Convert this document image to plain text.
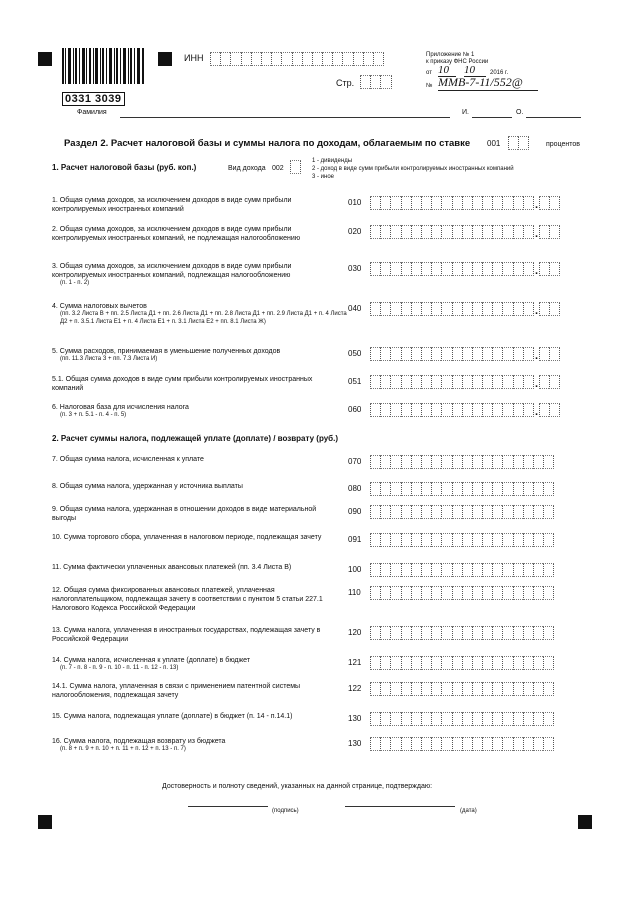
0331 3039
ИНН
Стр.
Приложение № 1
к приказу ФНС России
от 10	10	2016 г.
№ ММВ-7-11/552@
Фамилия	И.	О.
Раздел 2. Расчет налоговой базы и суммы налога по доходам, облагаемым по ставке 001	процентов
1. Расчет налоговой базы (руб. коп.)	Вид дохода 002
1 - дивиденды
2 - доход в виде сумм прибыли контролируемых иностранных компаний
3 - иное
1. Общая сумма доходов, за исключением доходов в виде сумм прибыли контролируемых иностранных компаний
010	.
2. Общая сумма доходов, за исключением доходов в виде сумм прибыли контролируемых иностранных компаний, не подлежащая налогообложению
020	.
3. Общая сумма доходов, за исключением доходов в виде сумм прибыли контролируемых иностранных компаний, подлежащая налогообложению
(п. 1 - п. 2)
030	.
4. Сумма налоговых вычетов
(пп. 3.2 Листа В + пп. 2.5 Листа Д1 + пп. 2.6 Листа Д1 + пп. 2.8 Листа Д1 + пп. 2.9 Листа Д1 + п. 4 Листа Д2 + п. 3.5.1 Листа Е1 + п. 4 Листа Е1 + п. 3.1 Листа Е2 + пп. 8.1 Листа Ж)
040	.
5. Сумма расходов, принимаемая в уменьшение полученных доходов
(пп. 11.3 Листа З + пп. 7.3 Листа И)
050	.
5.1. Общая сумма доходов в виде сумм прибыли контролируемых иностранных компаний
051	.
6. Налоговая база для исчисления налога
(п. 3 + п. 5.1 - п. 4 - п. 5)
060	.
2. Расчет суммы налога, подлежащей уплате (доплате) / возврату (руб.)
7. Общая сумма налога, исчисленная к уплате	070
8. Общая сумма налога, удержанная у источника выплаты	080
9. Общая сумма налога, удержанная в отношении доходов в виде материальной выгоды
090
10. Сумма торгового сбора, уплаченная в налоговом периоде, подлежащая зачету	091
11. Сумма фактически уплаченных авансовых платежей (пп. 3.4 Листа В)	100
12. Общая сумма фиксированных авансовых платежей, уплаченная налогоплательщиком, подлежащая зачету в соответствии с пунктом 5 статьи 227.1 Налогового Кодекса Российской Федерации
110
13. Сумма налога, уплаченная в иностранных государствах, подлежащая зачету в Российской Федерации
120
14. Сумма налога, исчисленная к уплате (доплате) в бюджет
(п. 7 - п. 8 - п. 9 - п. 10 - п. 11 - п. 12 - п. 13)
121
14.1. Сумма налога, уплаченная в связи с применением патентной системы налогообложения, подлежащая зачету
122
15. Сумма налога, подлежащая уплате (доплате) в бюджет (п. 14 - п.14.1)	130
16. Сумма налога, подлежащая возврату из бюджета
(п. 8 + п. 9 + п. 10 + п. 11 + п. 12 + п. 13 - п. 7)
130
Достоверность и полноту сведений, указанных на данной странице, подтверждаю:
(подпись)	(дата)
